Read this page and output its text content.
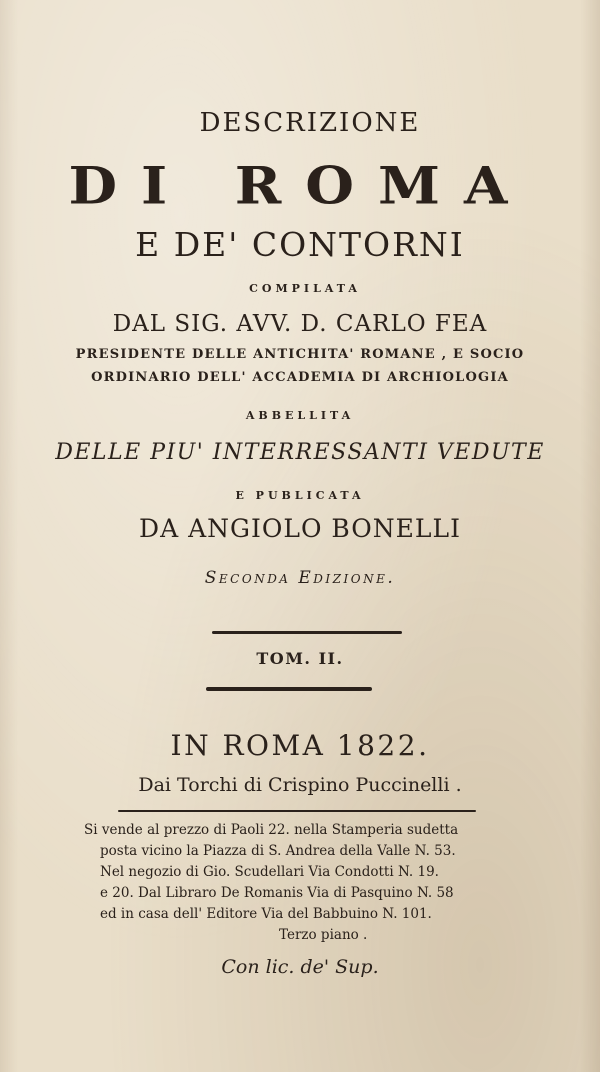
DESCRIZIONE
DI ROMA
E DE' CONTORNI
COMPILATA
DAL SIG. AVV. D. CARLO FEA
PRESIDENTE DELLE ANTICHITA' ROMANE , E SOCIO
ORDINARIO DELL' ACCADEMIA DI ARCHIOLOGIA
ABBELLITA
DELLE PIU' INTERRESSANTI VEDUTE
E PUBLICATA
DA ANGIOLO BONELLI
Seconda Edizione.
TOM. II.
IN ROMA 1822.
Dai Torchi di Crispino Puccinelli .
Si vende al prezzo di Paoli 22. nella Stamperia sudetta
posta vicino la Piazza di S. Andrea della Valle N. 53.
Nel negozio di Gio. Scudellari Via Condotti N. 19.
e 20. Dal Libraro De Romanis Via di Pasquino N. 58
ed in casa dell' Editore Via del Babbuino N. 101.
Terzo piano .
Con lic. de' Sup.
